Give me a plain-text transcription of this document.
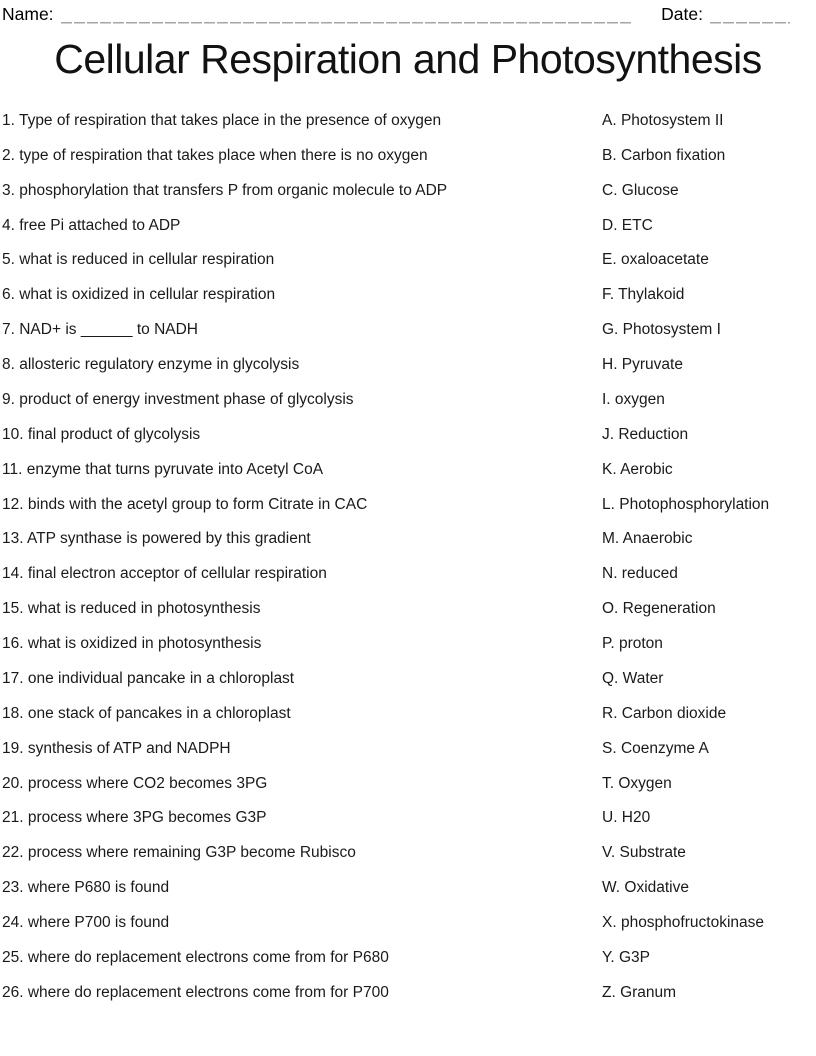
Name:	Date:
Cellular Respiration and Photosynthesis
1. Type of respiration that takes place in the presence of oxygen	A. Photosystem II
2. type of respiration that takes place when there is no oxygen	B. Carbon fixation
3. phosphorylation that transfers P from organic molecule to ADP	C. Glucose
4. free Pi attached to ADP	D. ETC
5. what is reduced in cellular respiration	E. oxaloacetate
6. what is oxidized in cellular respiration	F. Thylakoid
7. NAD+ is ______ to NADH	G. Photosystem I
8. allosteric regulatory enzyme in glycolysis	H. Pyruvate
9. product of energy investment phase of glycolysis	I. oxygen
10. final product of glycolysis	J. Reduction
11. enzyme that turns pyruvate into Acetyl CoA	K. Aerobic
12. binds with the acetyl group to form Citrate in CAC	L. Photophosphorylation
13. ATP synthase is powered by this gradient	M. Anaerobic
14. final electron acceptor of cellular respiration	N. reduced
15. what is reduced in photosynthesis	O. Regeneration
16. what is oxidized in photosynthesis	P. proton
17. one individual pancake in a chloroplast	Q. Water
18. one stack of pancakes in a chloroplast	R. Carbon dioxide
19. synthesis of ATP and NADPH	S. Coenzyme A
20. process where CO2 becomes 3PG	T. Oxygen
21. process where 3PG becomes G3P	U. H20
22. process where remaining G3P become Rubisco	V. Substrate
23. where P680 is found	W. Oxidative
24. where P700 is found	X. phosphofructokinase
25. where do replacement electrons come from for P680	Y. G3P
26. where do replacement electrons come from for P700	Z. Granum
